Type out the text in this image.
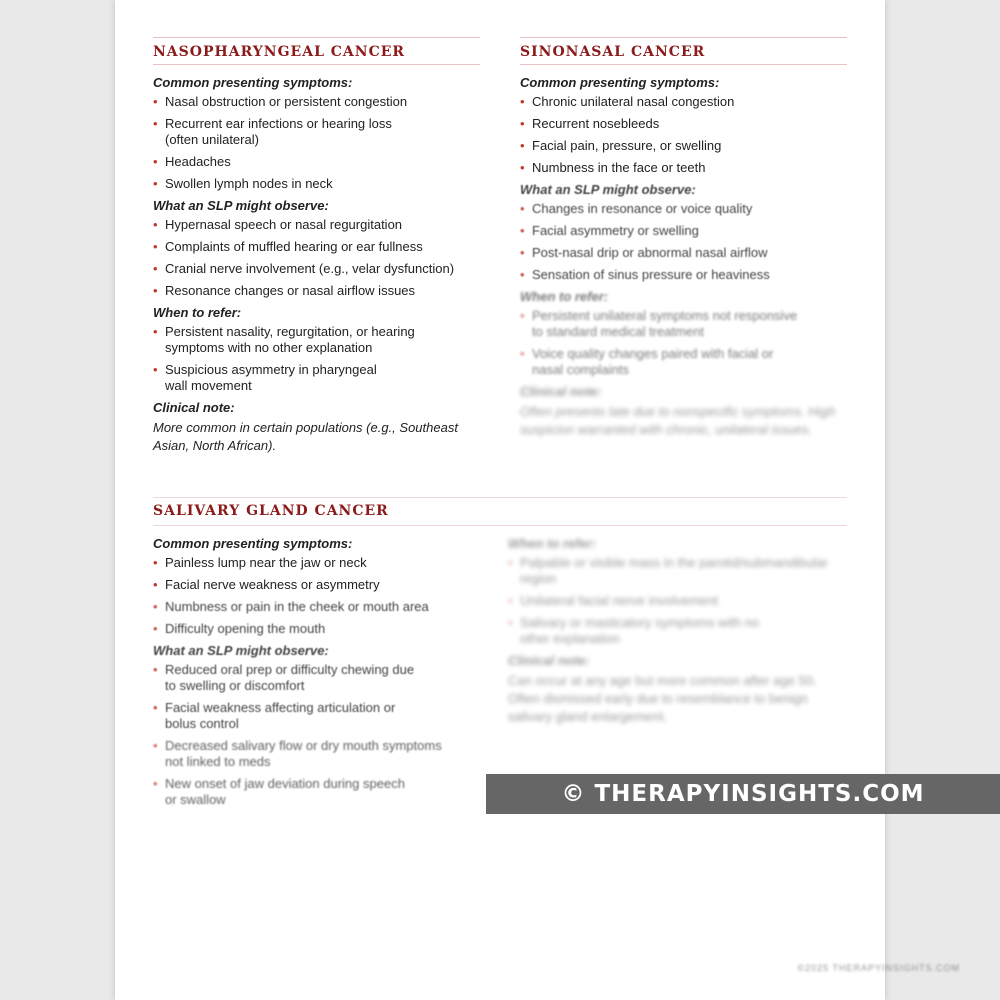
NASOPHARYNGEAL CANCER
Common presenting symptoms:
• Nasal obstruction or persistent congestion
• Recurrent ear infections or hearing loss
(often unilateral)
• Headaches
• Swollen lymph nodes in neck
What an SLP might observe:
• Hypernasal speech or nasal regurgitation
• Complaints of muffled hearing or ear fullness
• Cranial nerve involvement (e.g., velar dysfunction)
• Resonance changes or nasal airflow issues
When to refer:
• Persistent nasality, regurgitation, or hearing
symptoms with no other explanation
• Suspicious asymmetry in pharyngeal
wall movement
Clinical note:

More common in certain populations (e.g., Southeast Asian, North African).

SINONASAL CANCER
Common presenting symptoms:
• Chronic unilateral nasal congestion
• Recurrent nosebleeds
• Facial pain, pressure, or swelling
• Numbness in the face or teeth
What an SLP might observe:
• Changes in resonance or voice quality
• Facial asymmetry or swelling
• Post-nasal drip or abnormal nasal airflow
• Sensation of sinus pressure or heaviness
When to refer:
• Persistent unilateral symptoms not responsive
to standard medical treatment
• Voice quality changes paired with facial or
nasal complaints
Clinical note:

Often presents late due to nonspecific symptoms. High suspicion warranted with chronic, unilateral issues.

SALIVARY GLAND CANCER
Common presenting symptoms:
• Painless lump near the jaw or neck
• Facial nerve weakness or asymmetry
• Numbness or pain in the cheek or mouth area
• Difficulty opening the mouth
What an SLP might observe:
• Reduced oral prep or difficulty chewing due
to swelling or discomfort
• Facial weakness affecting articulation or
bolus control
• Decreased salivary flow or dry mouth symptoms
not linked to meds
• New onset of jaw deviation during speech
or swallow
When to refer:
• Palpable or visible mass in the parotid/submandibular
region
• Unilateral facial nerve involvement
• Salivary or masticatory symptoms with no
other explanation
Clinical note:

Can occur at any age but more common after age 50. Often dismissed early due to resemblance to benign salivary gland enlargement.

© THERAPYINSIGHTS.COM
©2025 THERAPYINSIGHTS.COM
